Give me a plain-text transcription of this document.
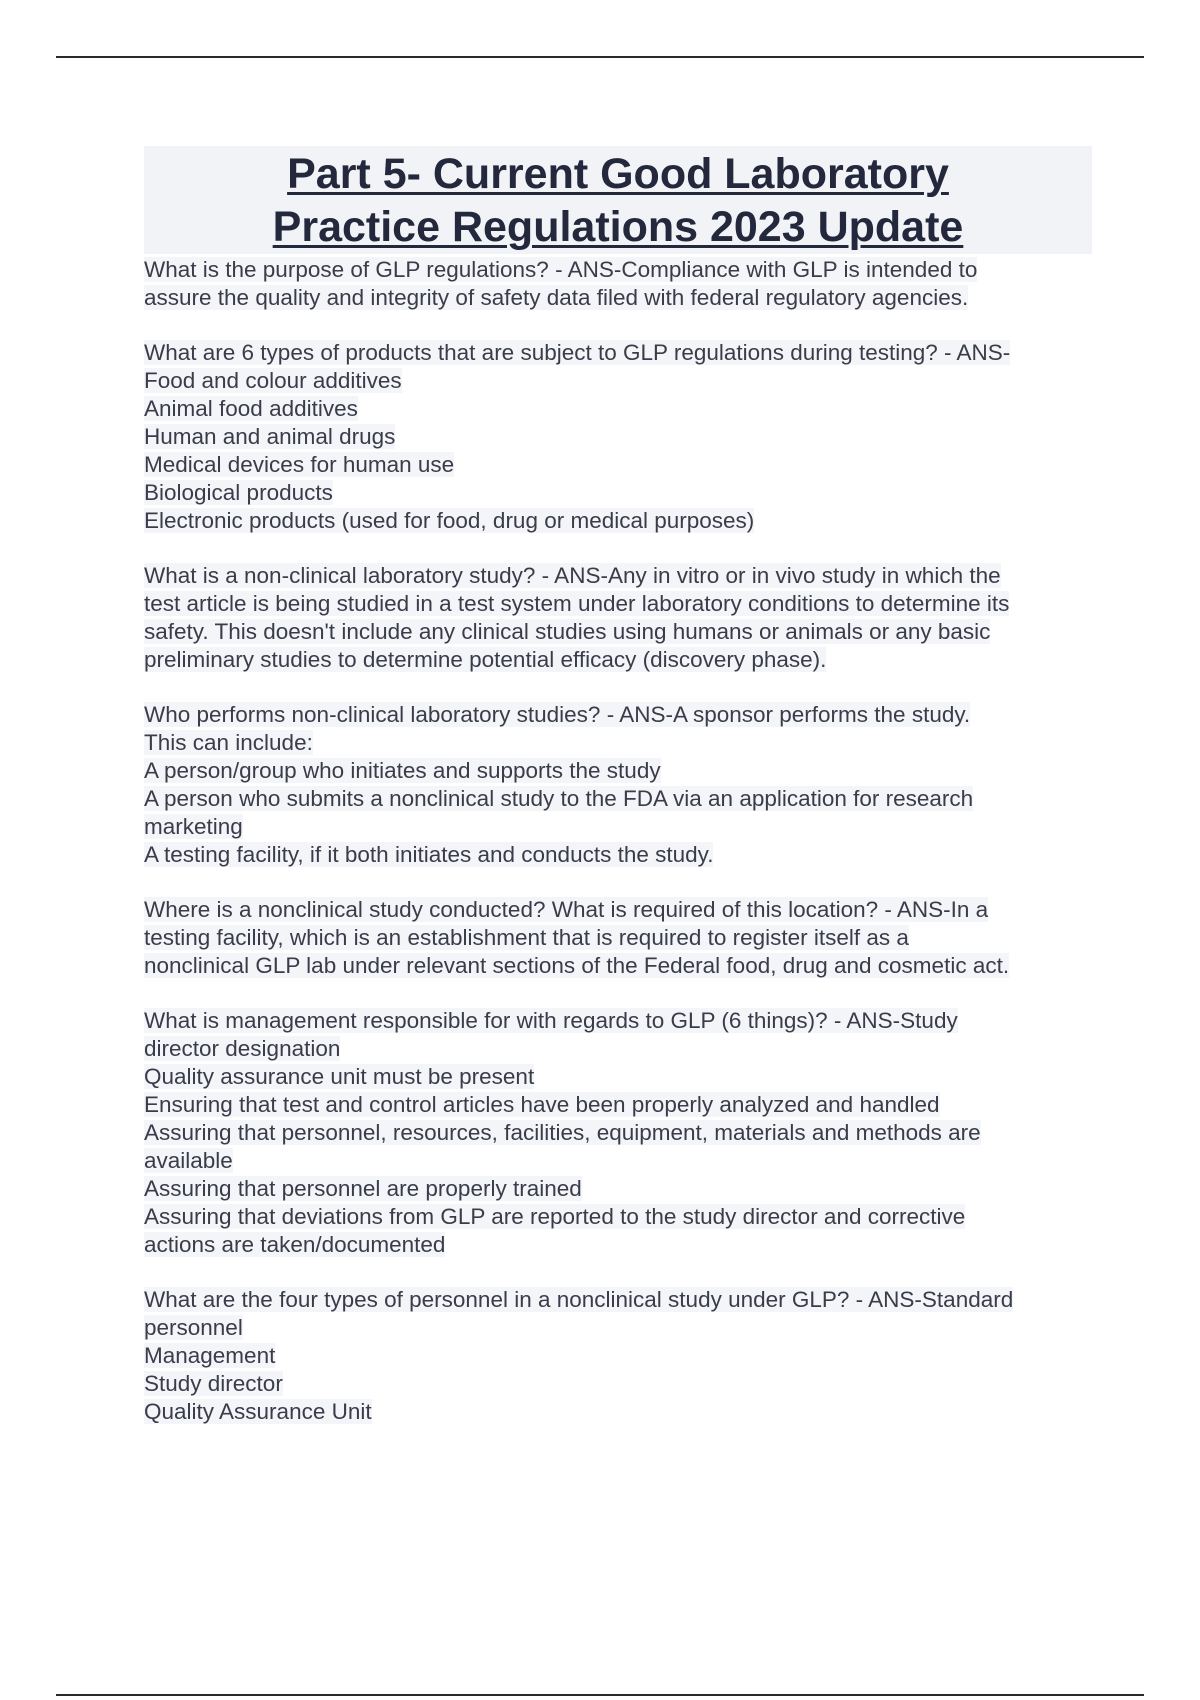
Part 5- Current Good Laboratory
Practice Regulations 2023 Update
What is the purpose of GLP regulations? - ANS-Compliance with GLP is intended to
assure the quality and integrity of safety data filed with federal regulatory agencies.
What are 6 types of products that are subject to GLP regulations during testing? - ANS-
Food and colour additives
Animal food additives
Human and animal drugs
Medical devices for human use
Biological products
Electronic products (used for food, drug or medical purposes)
What is a non-clinical laboratory study? - ANS-Any in vitro or in vivo study in which the
test article is being studied in a test system under laboratory conditions to determine its
safety. This doesn't include any clinical studies using humans or animals or any basic
preliminary studies to determine potential efficacy (discovery phase).
Who performs non-clinical laboratory studies? - ANS-A sponsor performs the study.
This can include:
A person/group who initiates and supports the study
A person who submits a nonclinical study to the FDA via an application for research
marketing
A testing facility, if it both initiates and conducts the study.
Where is a nonclinical study conducted? What is required of this location? - ANS-In a
testing facility, which is an establishment that is required to register itself as a
nonclinical GLP lab under relevant sections of the Federal food, drug and cosmetic act.
What is management responsible for with regards to GLP (6 things)? - ANS-Study
director designation
Quality assurance unit must be present
Ensuring that test and control articles have been properly analyzed and handled
Assuring that personnel, resources, facilities, equipment, materials and methods are
available
Assuring that personnel are properly trained
Assuring that deviations from GLP are reported to the study director and corrective
actions are taken/documented
What are the four types of personnel in a nonclinical study under GLP? - ANS-Standard
personnel
Management
Study director
Quality Assurance Unit
